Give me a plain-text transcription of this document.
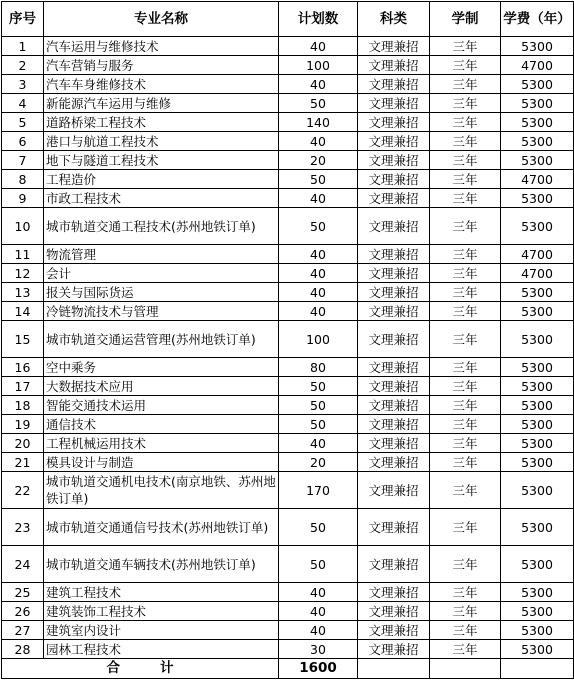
序号	专业名称	计划数	科类	学制	学费（年）
1	汽车运用与维修技术	40	文理兼招	三年	5300
2	汽车营销与服务	100	文理兼招	三年	4700
3	汽车车身维修技术	40	文理兼招	三年	5300
4	新能源汽车运用与维修	50	文理兼招	三年	5300
5	道路桥梁工程技术	140	文理兼招	三年	5300
6	港口与航道工程技术	40	文理兼招	三年	5300
7	地下与隧道工程技术	20	文理兼招	三年	5300
8	工程造价	50	文理兼招	三年	4700
9	市政工程技术	40	文理兼招	三年	5300
10	城市轨道交通工程技术(苏州地铁订单)	50	文理兼招	三年	5300
11	物流管理	40	文理兼招	三年	4700
12	会计	40	文理兼招	三年	4700
13	报关与国际货运	40	文理兼招	三年	5300
14	冷链物流技术与管理	40	文理兼招	三年	5300
15	城市轨道交通运营管理(苏州地铁订单)	100	文理兼招	三年	5300
16	空中乘务	80	文理兼招	三年	5300
17	大数据技术应用	50	文理兼招	三年	5300
18	智能交通技术运用	50	文理兼招	三年	5300
19	通信技术	50	文理兼招	三年	5300
20	工程机械运用技术	40	文理兼招	三年	5300
21	模具设计与制造	20	文理兼招	三年	5300
22	城市轨道交通机电技术(南京地铁、苏州地铁订单)	170	文理兼招	三年	5300
23	城市轨道交通通信号技术(苏州地铁订单)	50	文理兼招	三年	5300
24	城市轨道交通车辆技术(苏州地铁订单)	50	文理兼招	三年	5300
25	建筑工程技术	40	文理兼招	三年	5300
26	建筑装饰工程技术	40	文理兼招	三年	5300
27	建筑室内设计	40	文理兼招	三年	5300
28	园林工程技术	30	文理兼招	三年	5300
合计		1600			
